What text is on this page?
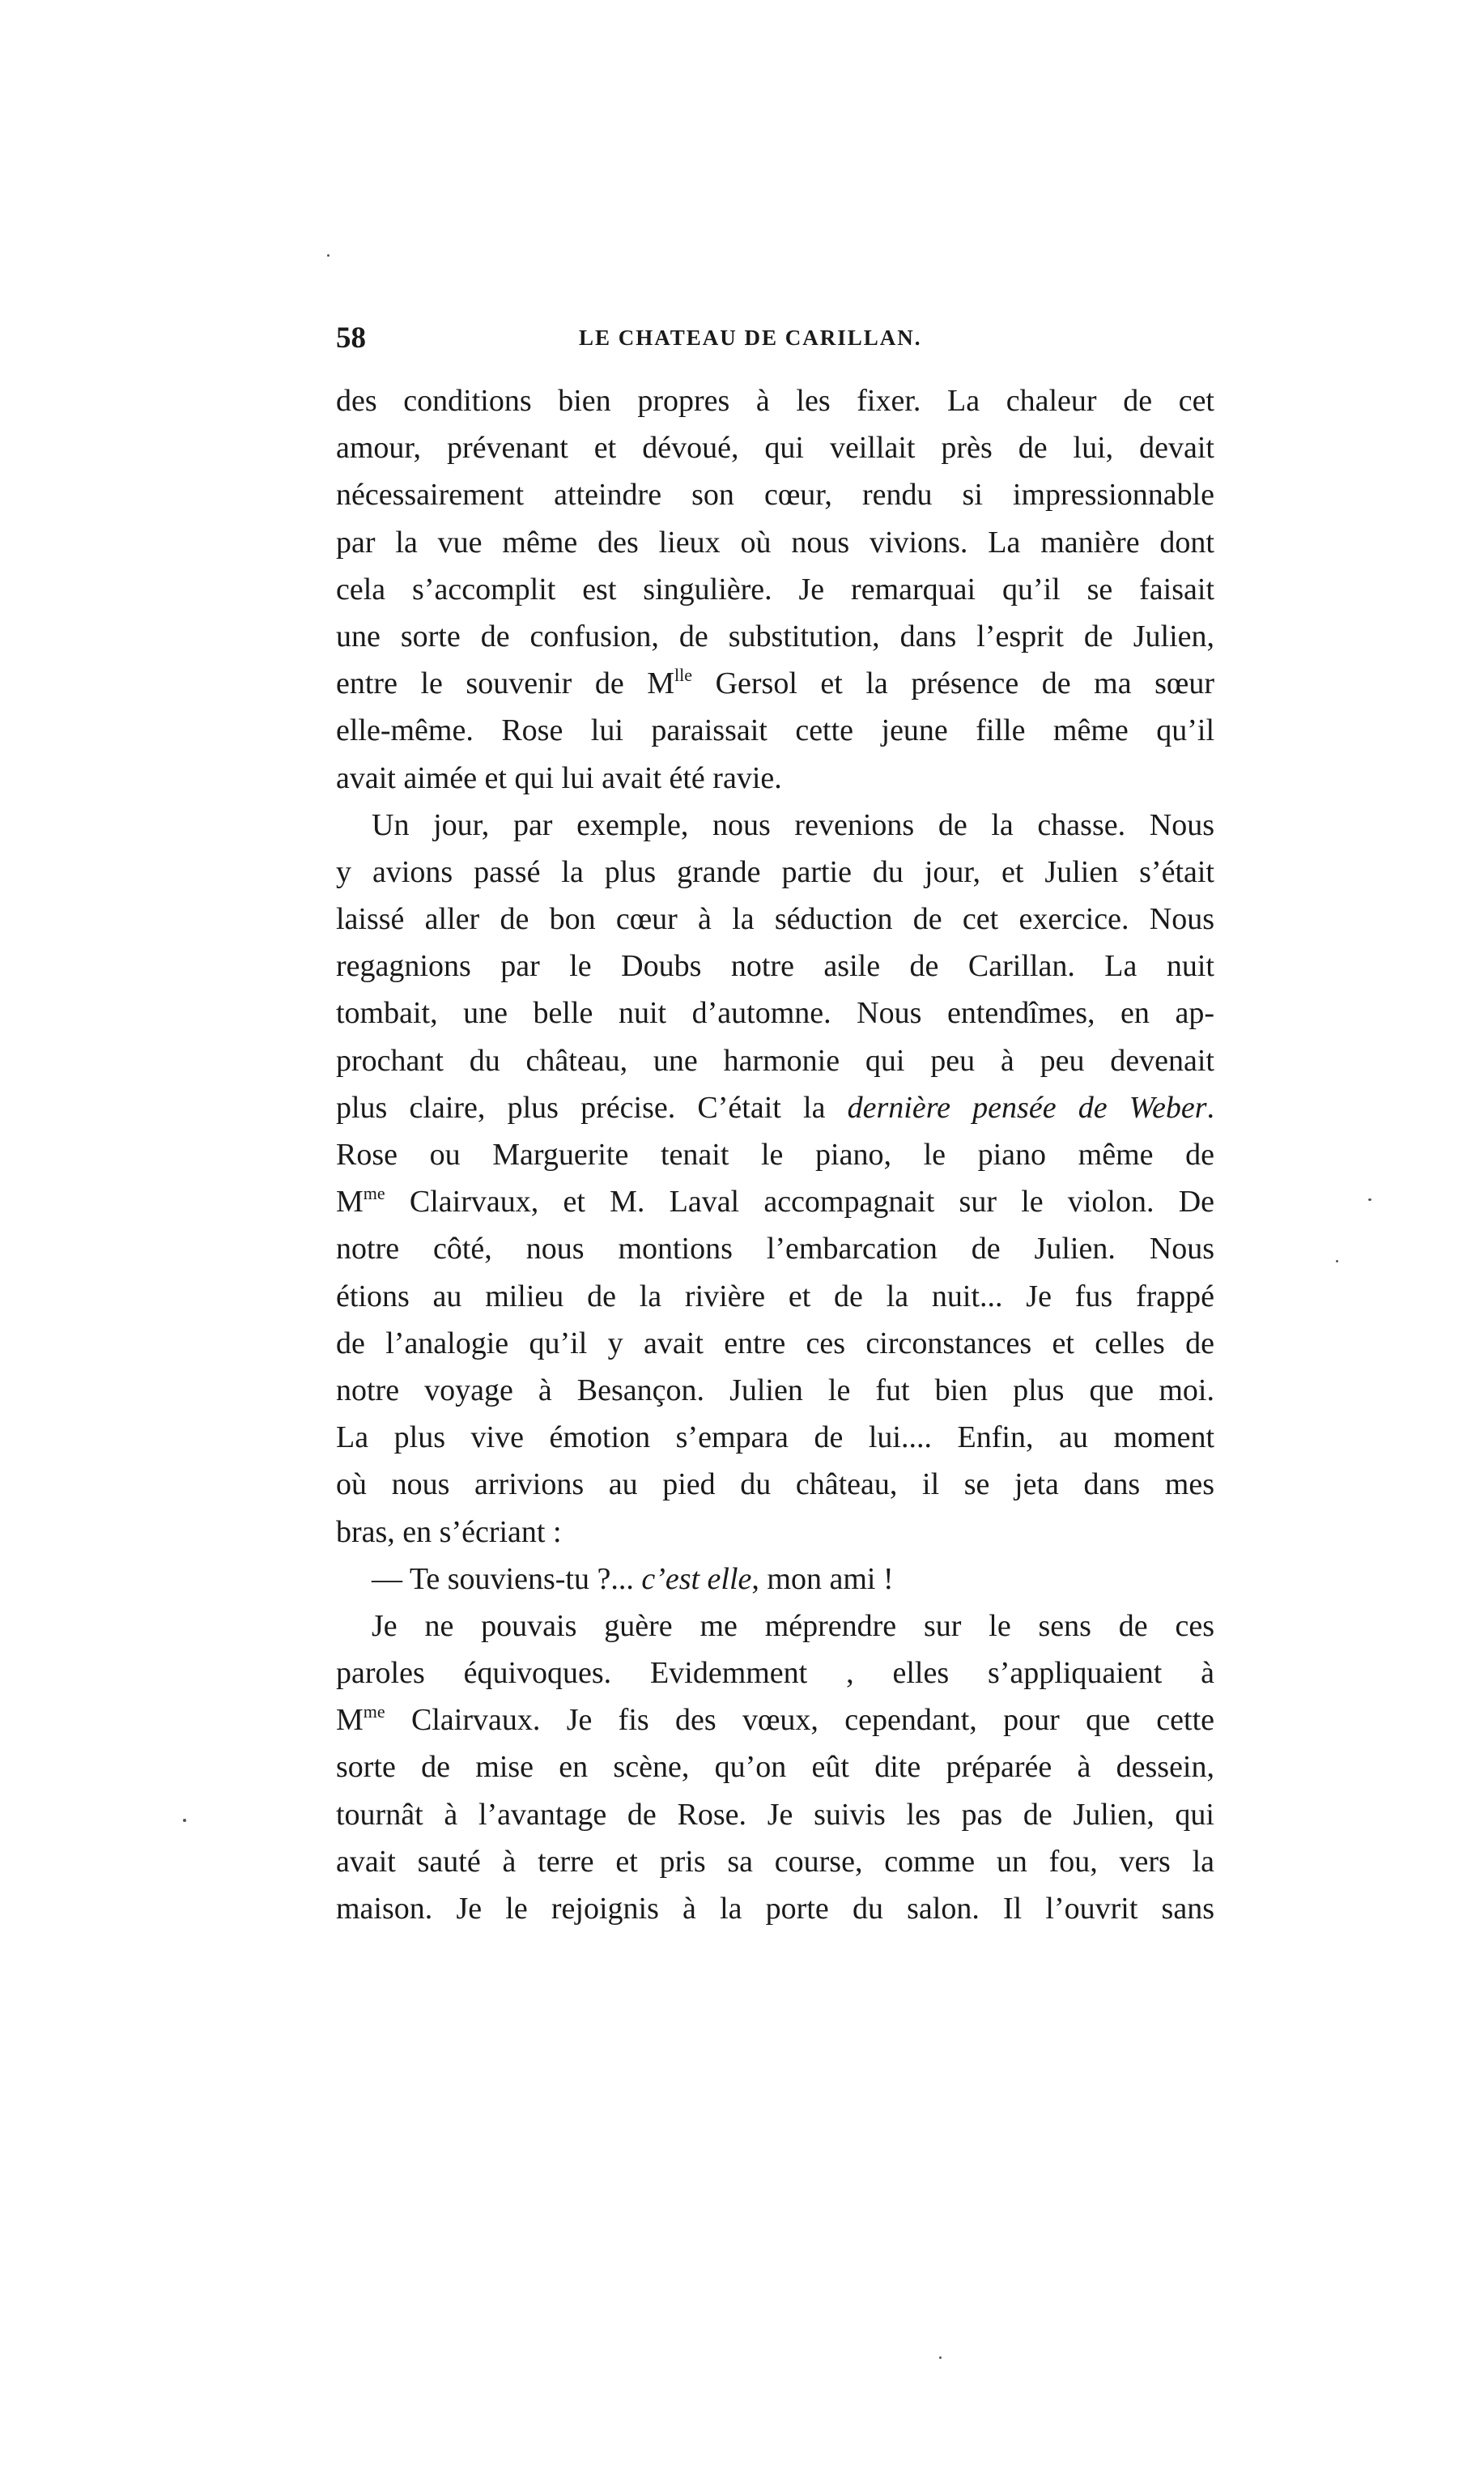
58	LE CHATEAU DE CARILLAN.
des conditions bien propres à les fixer. La chaleur de cet
amour, prévenant et dévoué, qui veillait près de lui, devait
nécessairement atteindre son cœur, rendu si impressionnable
par la vue même des lieux où nous vivions. La manière dont
cela s’accomplit est singulière. Je remarquai qu’il se faisait
une sorte de confusion, de substitution, dans l’esprit de Julien,
entre le souvenir de $M^{lle}$ Gersol et la présence de ma sœur
elle-même. Rose lui paraissait cette jeune fille même qu’il
avait aimée et qui lui avait été ravie.
Un jour, par exemple, nous revenions de la chasse. Nous
y avions passé la plus grande partie du jour, et Julien s’était
laissé aller de bon cœur à la séduction de cet exercice. Nous
regagnions par le Doubs notre asile de Carillan. La nuit
tombait, une belle nuit d’automne. Nous entendîmes, en ap-
prochant du château, une harmonie qui peu à peu devenait
plus claire, plus précise. C’était la dernière pensée de Weber.
Rose ou Marguerite tenait le piano, le piano même de
$M^{me}$ Clairvaux, et M. Laval accompagnait sur le violon. De
notre côté, nous montions l’embarcation de Julien. Nous
étions au milieu de la rivière et de la nuit... Je fus frappé
de l’analogie qu’il y avait entre ces circonstances et celles de
notre voyage à Besançon. Julien le fut bien plus que moi.
La plus vive émotion s’empara de lui.... Enfin, au moment
où nous arrivions au pied du château, il se jeta dans mes
bras, en s’écriant :
— Te souviens-tu ?... c’est elle, mon ami !
Je ne pouvais guère me méprendre sur le sens de ces
paroles équivoques. Evidemment , elles s’appliquaient à
$M^{me}$ Clairvaux. Je fis des vœux, cependant, pour que cette
sorte de mise en scène, qu’on eût dite préparée à dessein,
tournât à l’avantage de Rose. Je suivis les pas de Julien, qui
avait sauté à terre et pris sa course, comme un fou, vers la
maison. Je le rejoignis à la porte du salon. Il l’ouvrit sans
